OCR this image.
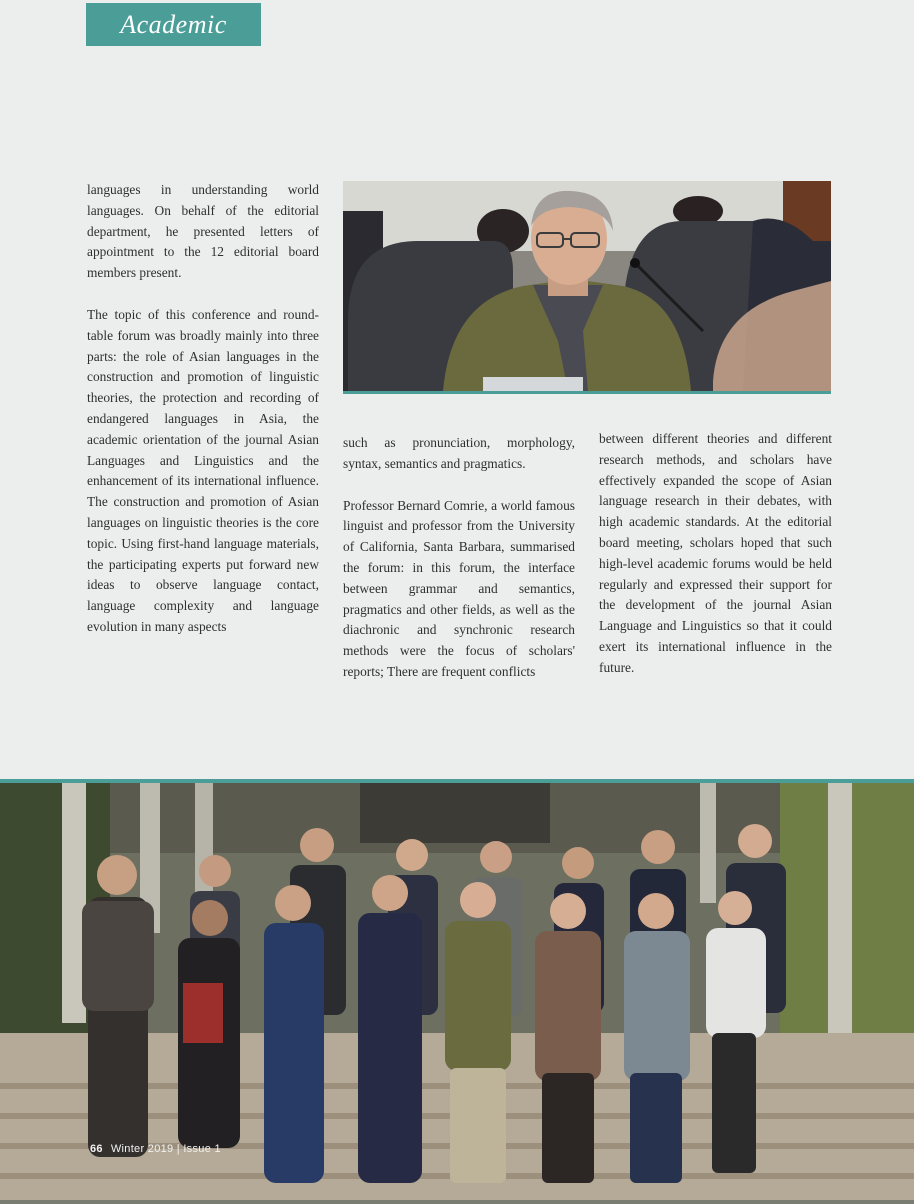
Academic

languages in understanding world languages. On behalf of the editorial department, he presented letters of appointment to the 12 editorial board members present.

The topic of this conference and round-table forum was broadly mainly into three parts: the role of Asian languages in the construction and promotion of linguistic theories, the protection and recording of endangered languages in Asia, the academic orientation of the journal Asian Languages and Linguistics and the enhancement of its international influence. The construction and promotion of Asian languages on linguistic theories is the core topic. Using first-hand language materials, the participating experts put forward new ideas to observe language contact, language complexity and language evolution in many aspects

such as pronunciation, morphology, syntax, semantics and pragmatics.

Professor Bernard Comrie, a world famous linguist and professor from the University of California, Santa Barbara, summarised the forum: in this forum, the interface between grammar and semantics, pragmatics and other fields, as well as the diachronic and synchronic research methods were the focus of scholars' reports; There are frequent conflicts

between different theories and different research methods, and scholars have effectively expanded the scope of Asian language research in their debates, with high academic standards. At the editorial board meeting, scholars hoped that such high-level academic forums would be held regularly and expressed their support for the development of the journal Asian Language and Linguistics so that it could exert its international influence in the future.

66 Winter 2019 | Issue 1
